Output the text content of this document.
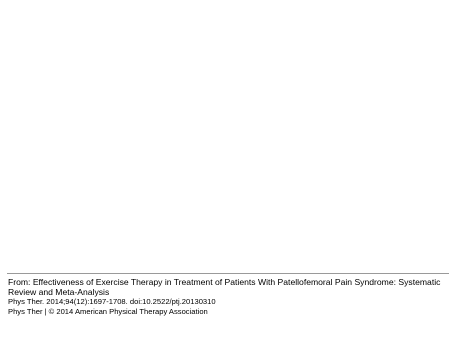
From: Effectiveness of Exercise Therapy in Treatment of Patients With Patellofemoral Pain Syndrome: Systematic Review and Meta-Analysis

Phys Ther. 2014;94(12):1697-1708. doi:10.2522/ptj.20130310

Phys Ther | © 2014 American Physical Therapy Association
